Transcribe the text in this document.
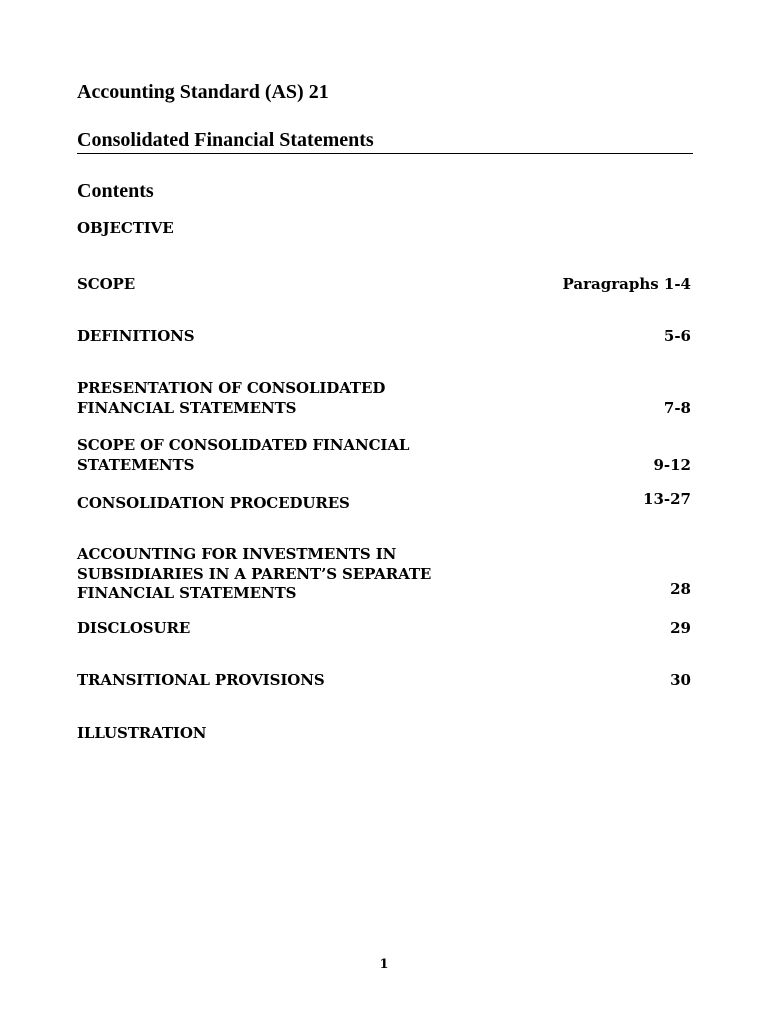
Accounting Standard (AS) 21
Consolidated Financial Statements
Contents
OBJECTIVE
SCOPE	Paragraphs 1-4
DEFINITIONS	5-6
PRESENTATION OF CONSOLIDATED
FINANCIAL STATEMENTS	7-8
SCOPE OF CONSOLIDATED FINANCIAL
STATEMENTS	9-12
CONSOLIDATION PROCEDURES	13-27
ACCOUNTING FOR INVESTMENTS IN
SUBSIDIARIES IN A PARENT’S SEPARATE
FINANCIAL STATEMENTS	28
DISCLOSURE	29
TRANSITIONAL PROVISIONS	30
ILLUSTRATION
1
